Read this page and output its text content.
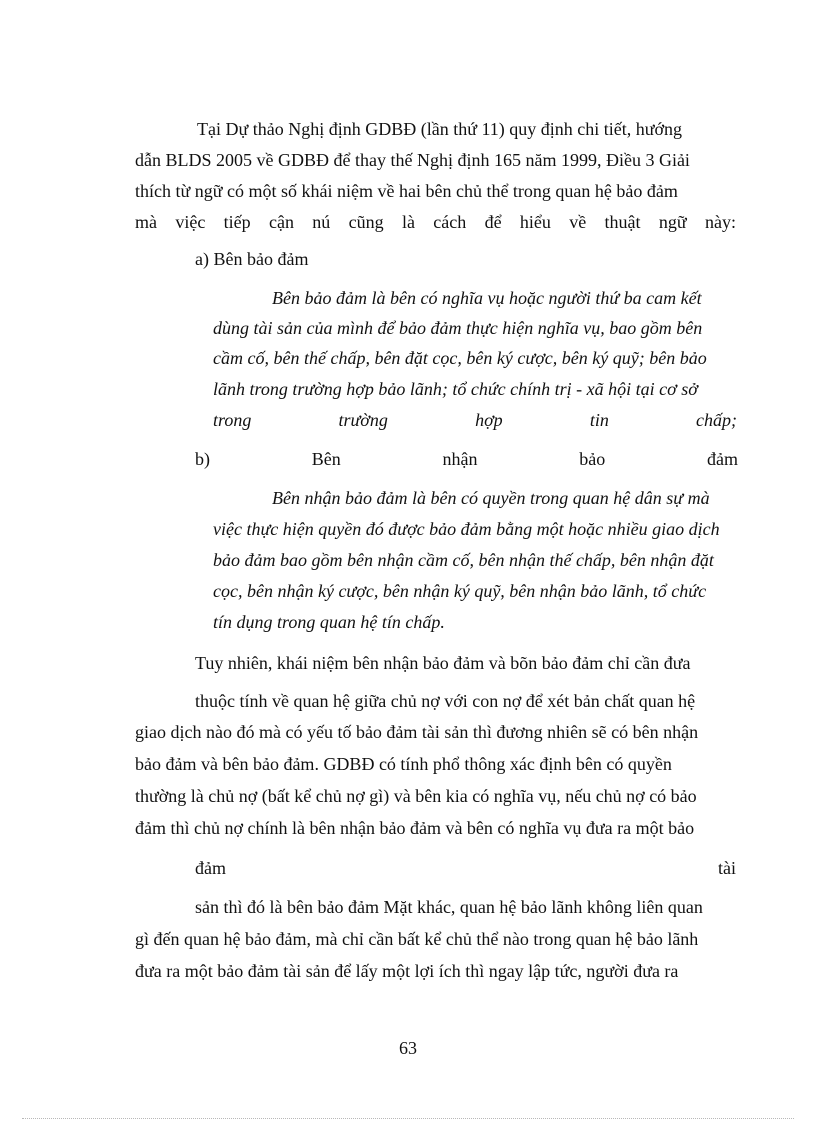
Tại Dự thảo Nghị định GDBĐ (lần thứ 11) quy định chi tiết, hướng
dẫn BLDS 2005 về GDBĐ để thay thế Nghị định 165 năm 1999, Điều 3 Giải
thích từ ngữ có một số khái niệm về hai bên chủ thể trong quan hệ bảo đảm
mà việc tiếp cận nú cũng là cách để hiểu về thuật ngữ này:
a) Bên bảo đảm
Bên bảo đảm là bên có nghĩa vụ hoặc người thứ ba cam kết
dùng tài sản của mình để bảo đảm thực hiện nghĩa vụ, bao gồm bên
cầm cố, bên thế chấp, bên đặt cọc, bên ký cược, bên ký quỹ; bên bảo
lãnh trong trường hợp bảo lãnh; tổ chức chính trị - xã hội tại cơ sở
trong	trường	hợp	tin	chấp;
b)	Bên	nhận	bảo	đảm
Bên nhận bảo đảm là bên có quyền trong quan hệ dân sự mà
việc thực hiện quyền đó được bảo đảm bằng một hoặc nhiều giao dịch
bảo đảm bao gồm bên nhận cầm cố, bên nhận thế chấp, bên nhận đặt
cọc, bên nhận ký cược, bên nhận ký quỹ, bên nhận bảo lãnh, tổ chức
tín dụng trong quan hệ tín chấp.
Tuy nhiên, khái niệm bên nhận bảo đảm và bõn bảo đảm chỉ cần đưa
thuộc tính về quan hệ giữa chủ nợ với con nợ để xét bản chất quan hệ
giao dịch nào đó mà có yếu tố bảo đảm tài sản thì đương nhiên sẽ có bên nhận
bảo đảm và bên bảo đảm. GDBĐ có tính phổ thông xác định bên có quyền
thường là chủ nợ (bất kể chủ nợ gì) và bên kia có nghĩa vụ, nếu chủ nợ có bảo
đảm thì chủ nợ chính là bên nhận bảo đảm và bên có nghĩa vụ đưa ra một bảo
đảm	tài
sản thì đó là bên bảo đảm Mặt khác, quan hệ bảo lãnh không liên quan
gì đến quan hệ bảo đảm, mà chỉ cần bất kể chủ thể nào trong quan hệ bảo lãnh
đưa ra một bảo đảm tài sản để lấy một lợi ích thì ngay lập tức, người đưa ra
63
